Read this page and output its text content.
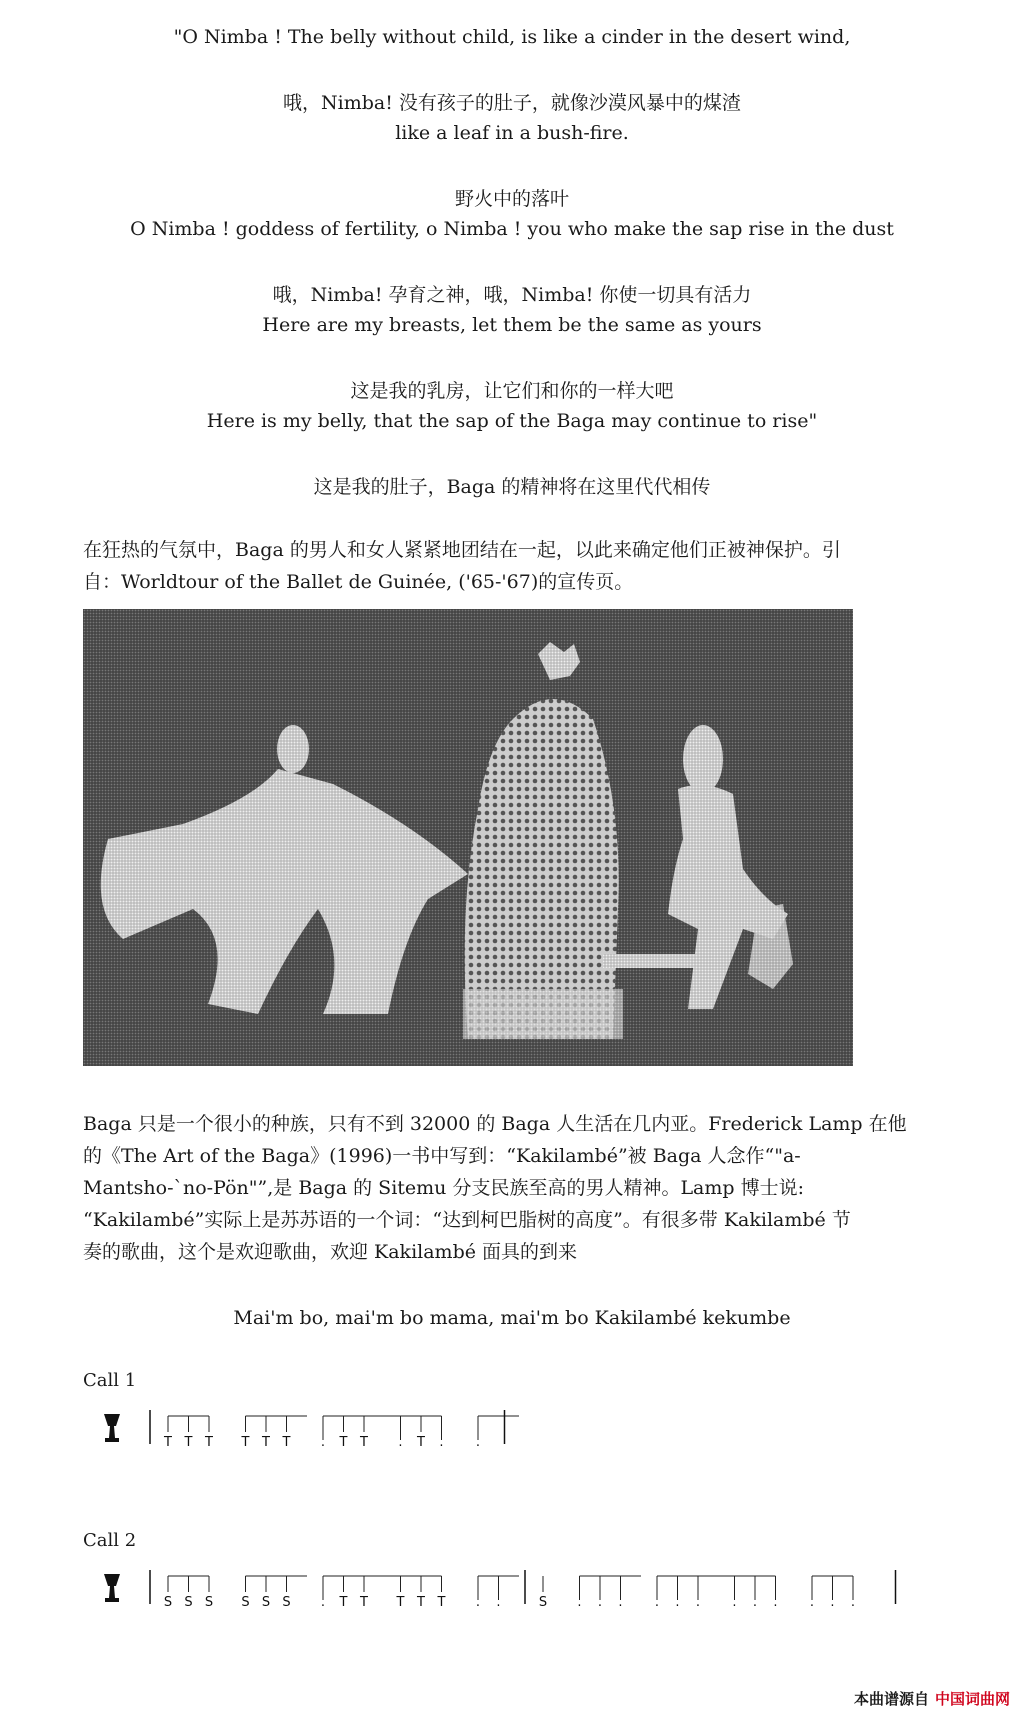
"O Nimba ! The belly without child, is like a cinder in the desert wind,
哦，Nimba! 没有孩子的肚子，就像沙漠风暴中的煤渣
like a leaf in a bush-fire.
野火中的落叶
O Nimba ! goddess of fertility, o Nimba ! you who make the sap rise in the dust
哦，Nimba! 孕育之神，哦，Nimba! 你使一切具有活力
Here are my breasts, let them be the same as yours
这是我的乳房，让它们和你的一样大吧
Here is my belly, that the sap of the Baga may continue to rise"
这是我的肚子，Baga 的精神将在这里代代相传
在狂热的气氛中，Baga 的男人和女人紧紧地团结在一起，以此来确定他们正被神保护。引
自：Worldtour of the Ballet de Guinée, ('65-'67)的宣传页。
Baga 只是一个很小的种族，只有不到 32000 的 Baga 人生活在几内亚。Frederick Lamp 在他
的《The Art of the Baga》(1996)一书中写到：“Kakilambé”被 Baga 人念作“"a-
Mantsho-`no-Pön"”,是 Baga 的 Sitemu 分支民族至高的男人精神。Lamp 博士说:
“Kakilambé”实际上是苏苏语的一个词：“达到柯巴脂树的高度”。有很多带 Kakilambé 节
奏的歌曲，这个是欢迎歌曲，欢迎 Kakilambé 面具的到来
Mai'm bo, mai'm bo mama, mai'm bo Kakilambé kekumbe
Call 1
T T T T T T . T T . T . .
Call 2
S S S S S S . T T T T T . .	S . . . . . . . . . . . .
本曲谱源自 中国词曲网
